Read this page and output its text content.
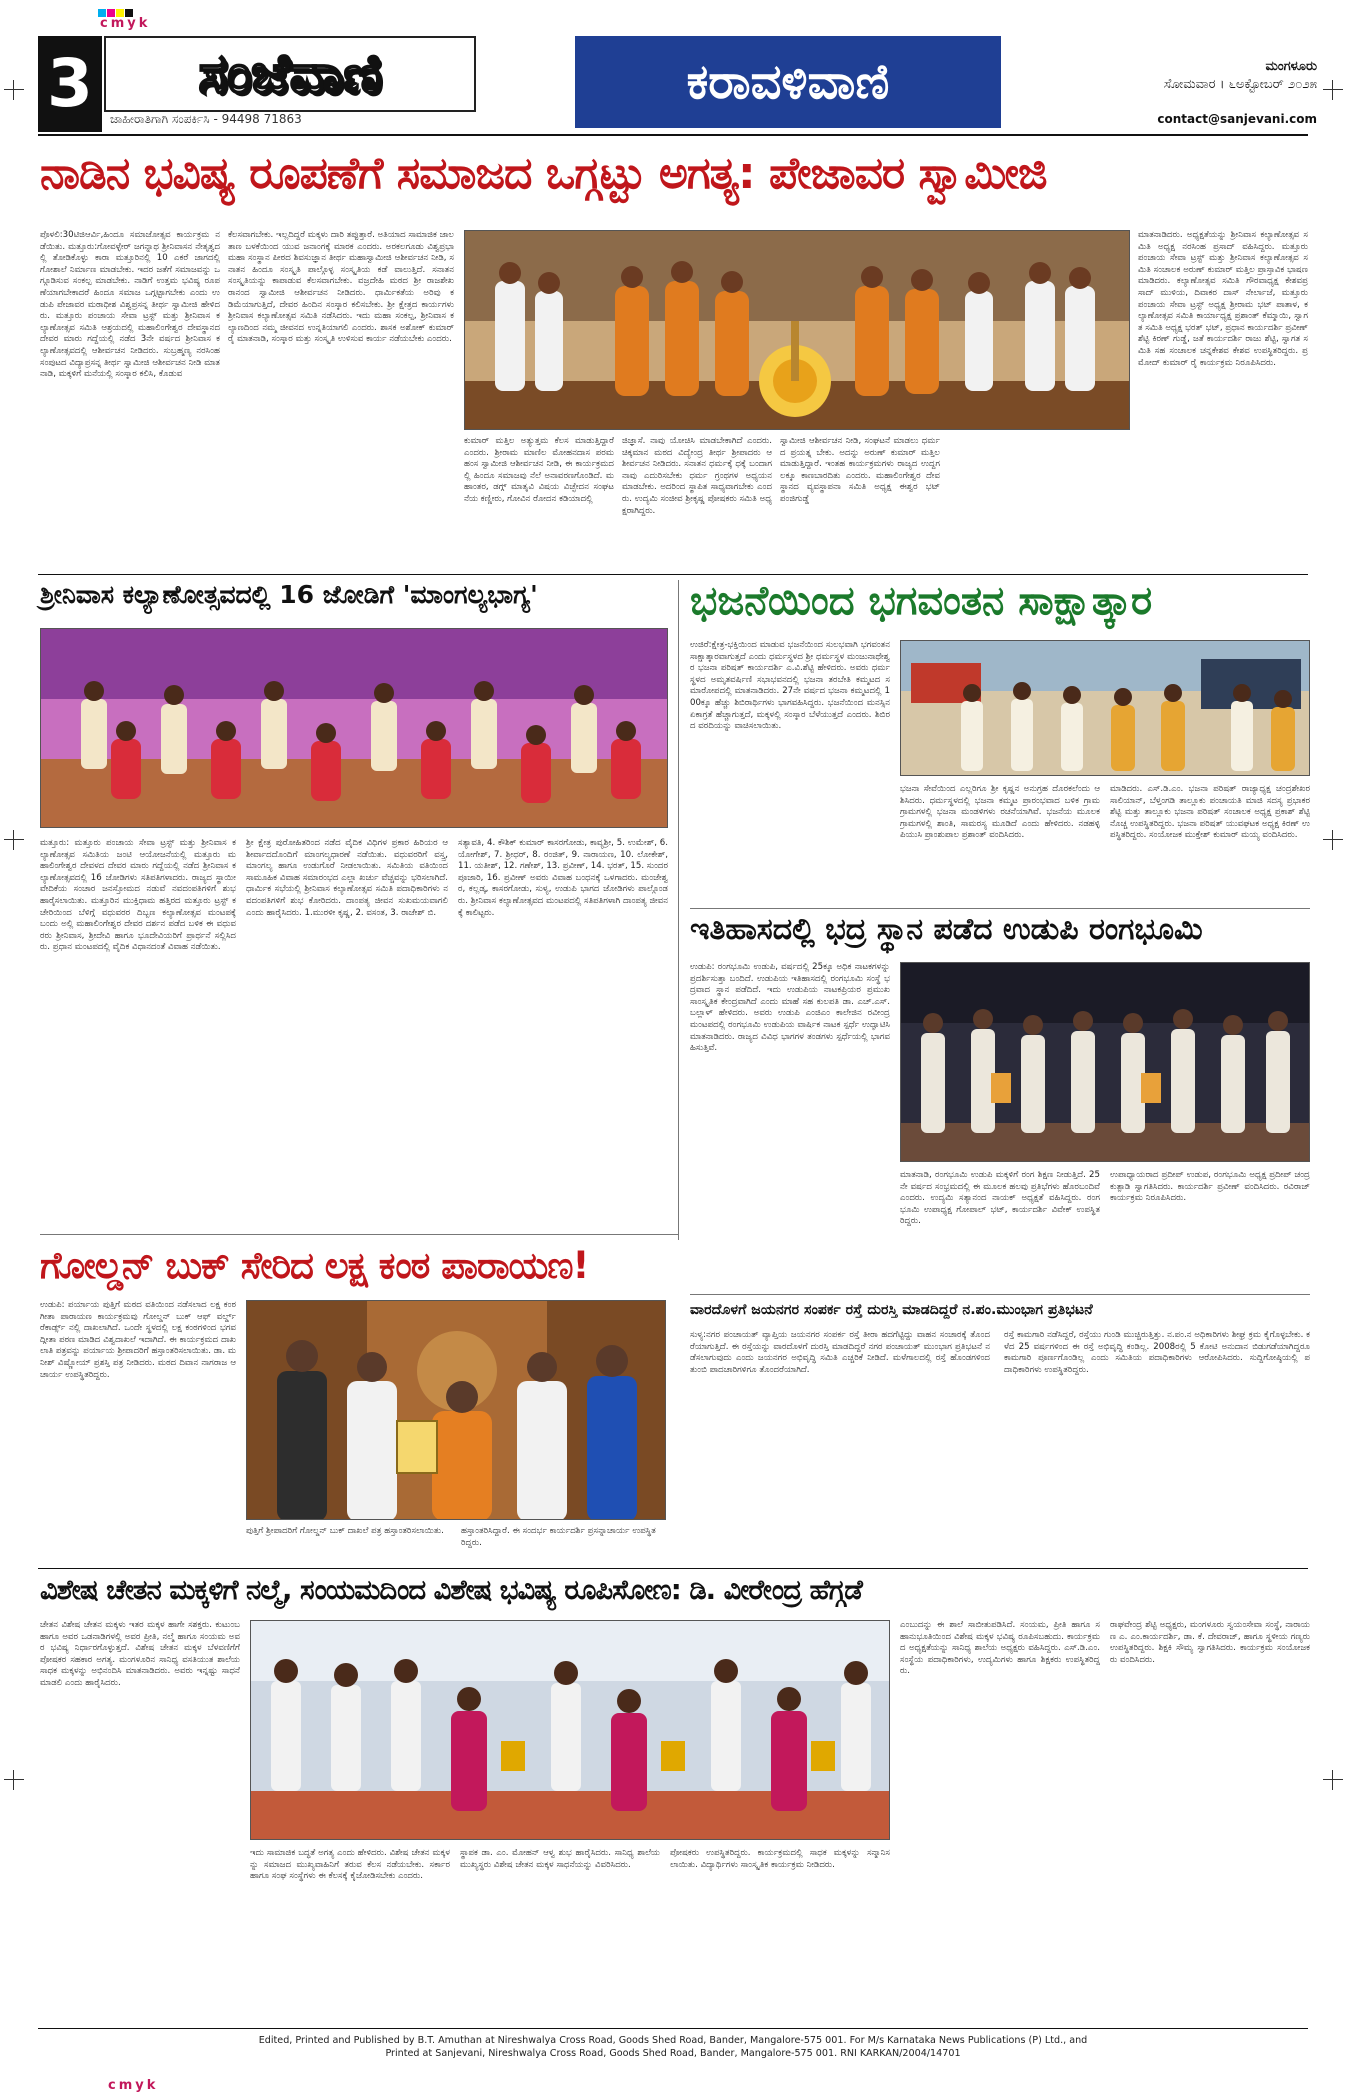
cmyk
3 ಸಂಜೆವಾಣಿ
ಜಾಹೀರಾತಿಗಾಗಿ ಸಂಪರ್ಕಿಸಿ - 94498 71863
ಕರಾವಳಿವಾಣಿ	ಮಂಗಳೂರು
ಸೋಮವಾರ । ೬ಅಕ್ಟೋಬರ್ ೨೦೨೫
contact@sanjevani.com
ನಾಡಿನ ಭವಿಷ್ಯ ರೂಪಣೆಗೆ ಸಮಾಜದ ಒಗ್ಗಟ್ಟು ಅಗತ್ಯ: ಪೇಜಾವರ ಸ್ವಾಮೀಜಿ
ಪೊಳಲಿ:30ಟಿಜಿಆರ್ವಿ,ಹಿಂದೂ ಸಮಾಜೋತ್ಸವ ಕಾರ್ಯಕ್ರಮ ನಡೆಯಿತು. ಮತ್ತೂರು:ಗೋವಳ್ಳೇರ್ ಜಗನ್ನಾಥ ಶ್ರೀನಿವಾಸನ ನೇತೃತ್ವದಲ್ಲಿ ತೋಡಿಕೊಳ್ಳು ಕಾರಾ ಮತ್ತೂರಿನಲ್ಲಿ 10 ಎಕರೆ ಜಾಗದಲ್ಲಿ ಗೋಶಾಲೆ ನಿರ್ಮಾಣ ಮಾಡಬೇಕು. ಇದರ ಜತೆಗೆ ಸಮಾಜವನ್ನು ಒಗ್ಗೂಡಿಸುವ ಸಂಕಲ್ಪ ಮಾಡಬೇಕು. ನಾಡಿಗೆ ಉತ್ತಮ ಭವಿಷ್ಯ ರೂಪಣೆಯಾಗಬೇಕಾದರೆ ಹಿಂದೂ ಸಮಾಜ ಒಗ್ಗಟ್ಟಾಗಬೇಕು ಎಂದು ಉಡುಪಿ ಪೇಜಾವರ ಮಠಾಧೀಶ ವಿಶ್ವಪ್ರಸನ್ನ ತೀರ್ಥ ಸ್ವಾಮೀಜಿ ಹೇಳಿದರು. ಮತ್ತೂರು ಪಂಚಾಯ ಸೇವಾ ಟ್ರಸ್ಟ್ ಮತ್ತು ಶ್ರೀನಿವಾಸ ಕಲ್ಯಾಣೋತ್ಸವ ಸಮಿತಿ ಆಶ್ರಯದಲ್ಲಿ ಮಹಾಲಿಂಗೇಶ್ವರ ದೇವಸ್ಥಾನದ ದೇವರ ಮಾರು ಗದ್ದೆಯಲ್ಲಿ ನಡೆದ 3ನೇ ವರ್ಷದ ಶ್ರೀನಿವಾಸ ಕಲ್ಯಾಣೋತ್ಸವದಲ್ಲಿ ಆಶೀರ್ವಚನ ನೀಡಿದರು. ಸುಬ್ರಹ್ಮಣ್ಯ ನರಸಿಂಹ ಸಂಪುಟದ ವಿದ್ಯಾಪ್ರಸನ್ನ ತೀರ್ಥ ಸ್ವಾಮೀಜಿ ಆಶೀರ್ವಚನ ನೀಡಿ ಮಾತನಾಡಿ, ಮಕ್ಕಳಿಗೆ ಮನೆಯಲ್ಲಿ ಸಂಸ್ಕಾರ ಕಲಿಸಿ, ಕೊಡುವ
ಕೆಲಸವಾಗಬೇಕು. ಇಲ್ಲದಿದ್ದರೆ ಮಕ್ಕಳು ದಾರಿ ತಪ್ಪುತ್ತಾರೆ. ಅತಿಯಾದ ಸಾಮಾಜಿಕ ಜಾಲತಾಣ ಬಳಕೆಯಿಂದ ಯುವ ಜನಾಂಗಕ್ಕೆ ಮಾರಕ ಎಂದರು. ಅರಕಲಗೂಡು ವಿಶ್ವಪ್ರಭಾ ಮಹಾ ಸಂಸ್ಥಾನ ಪೀಠದ ಶಿವಸುಜ್ಞಾನ ತೀರ್ಥ ಮಹಾಸ್ವಾಮೀಜಿ ಆಶೀರ್ವಚನ ನೀಡಿ, ಸನಾತನ ಹಿಂದೂ ಸಂಸ್ಕೃತಿ ಪಾಲ್ಗೊಳ್ಳ ಸಂಸ್ಕೃತಿಯ ಕಡೆ ವಾಲುತ್ತಿದೆ. ಸನಾತನ ಸಂಸ್ಕೃತಿಯನ್ನು ಕಾಪಾಡುವ ಕೆಲಸವಾಗಬೇಕು. ವಜ್ರದೇಹಿ ಮಠದ ಶ್ರೀ ರಾಜಶೇಖರಾನಂದ ಸ್ವಾಮೀಜಿ ಆಶೀರ್ವಚನ ನೀಡಿದರು. ಧಾರ್ಮಿಕತೆಯ ಅರಿವು ಕಡಿಮೆಯಾಗುತ್ತಿದೆ, ದೇವರ ಹಿಂದಿನ ಸಂಸ್ಕಾರ ಕಲಿಸಬೇಕು. ಶ್ರೀ ಕ್ಷೇತ್ರದ ಕಾರ್ಯಗಳು ಶ್ರೀನಿವಾಸ ಕಲ್ಯಾಣೋತ್ಸವ ಸಮಿತಿ ನಡೆಸಿದರು. ಇದು ಮಹಾ ಸಂಕಲ್ಪ, ಶ್ರೀನಿವಾಸ ಕಲ್ಯಾಣದಿಂದ ನಮ್ಮ ಜೀವನದ ಉನ್ನತಿಯಾಗಲಿ ಎಂದರು. ಶಾಸಕ ಅಶೋಕ್ ಕುಮಾರ್ ರೈ ಮಾತನಾಡಿ, ಸಂಸ್ಕಾರ ಮತ್ತು ಸಂಸ್ಕೃತಿ ಉಳಿಸುವ ಕಾರ್ಯ ನಡೆಯಬೇಕು ಎಂದರು.
ಕುಮಾರ್ ಮತ್ತಿಲ ಅತ್ಯುತ್ತಮ ಕೆಲಸ ಮಾಡುತ್ತಿದ್ದಾರೆ ಎಂದರು. ಶ್ರೀರಾಮ ಮಾಣಿಲ ಮೋಹನದಾಸ ಪರಮಹಂಸ ಸ್ವಾಮೀಜಿ ಆಶೀರ್ವಚನ ನೀಡಿ, ಈ ಕಾರ್ಯಕ್ರಮದಲ್ಲಿ ಹಿಂದೂ ಸಮಾಜವು ನೆಲೆ ಅನಾವರಣಗೊಂಡಿದೆ. ಮಹಾಂತರ, ಡಗ್ಗ್ ಮಾತೃವಿ ವಿಷಯ ವಿಚ್ಛೇದನ ಸಂಘಟನೆಯ ಕಣ್ಣೀರು, ಗೋವಿನ ರೋದನ ಕಡಿಯಾದಲ್ಲಿ
ಜಿಜ್ಞಾಸೆ. ನಾವು ಯೋಚಿಸಿ ಮಾಡಬೇಕಾಗಿದೆ ಎಂದರು. ಚಿಕ್ಕಮಾನ ಮಠದ ವಿದ್ಯೇಂದ್ರ ತೀರ್ಥ ಶ್ರೀಪಾದರು ಆಶೀರ್ವಚನ ನೀಡಿದರು. ಸನಾತನ ಧರ್ಮಕ್ಕೆ ಧಕ್ಕೆ ಬಂದಾಗ ನಾವು ಎದುರಿಸಬೇಕು ಧರ್ಮ ಗ್ರಂಥಗಳ ಅಧ್ಯಯನ ಮಾಡಬೇಕು. ಅದರಿಂದ ಸ್ಥಾಪಿತ ಸಾಧ್ಯವಾಗಬೇಕು ಎಂದರು. ಉದ್ಯಮಿ ಸಂಜೀವ ಶ್ರೀಕೃಷ್ಣ ಪೋಷಕರು ಸಮಿತಿ ಅಧ್ಯಕ್ಷರಾಗಿದ್ದರು.
ಸ್ವಾಮೀಜಿ ಆಶೀರ್ವಚನ ನೀಡಿ, ಸಂಘಟನೆ ಮಾಡಲು ಧರ್ಮದ ಪ್ರಯತ್ನ ಬೇಕು. ಅದನ್ನು ಅರುಣ್ ಕುಮಾರ್ ಮತ್ತಿಲ ಮಾಡುತ್ತಿದ್ದಾರೆ. ಇಂತಹ ಕಾರ್ಯಕ್ರಮಗಳು ರಾಜ್ಯದ ಉದ್ದಗಲಕ್ಕೂ ಕಾಣಬಾರದಿತು ಎಂದರು. ಮಹಾಲಿಂಗೇಶ್ವರ ದೇವಸ್ಥಾನದ ವ್ಯವಸ್ಥಾಪನಾ ಸಮಿತಿ ಅಧ್ಯಕ್ಷ ಈಶ್ವರ ಭಟ್ ಪಂಜಿಗುಡ್ಡೆ
ಮಾತನಾಡಿದರು. ಅಧ್ಯಕ್ಷತೆಯನ್ನು ಶ್ರೀನಿವಾಸ ಕಲ್ಯಾಣೋತ್ಸವ ಸಮಿತಿ ಅಧ್ಯಕ್ಷ ನರಸಿಂಹ ಪ್ರಸಾದ್ ವಹಿಸಿದ್ದರು. ಮತ್ತೂರು ಪಂಚಾಯ ಸೇವಾ ಟ್ರಸ್ಟ್ ಮತ್ತು ಶ್ರೀನಿವಾಸ ಕಲ್ಯಾಣೋತ್ಸವ ಸಮಿತಿ ಸಂಚಾಲಕ ಅರುಣ್ ಕುಮಾರ್ ಮತ್ತಿಲ ಪ್ರಾಸ್ತಾವಿಕ ಭಾಷಣ ಮಾಡಿದರು. ಕಲ್ಯಾಣೋತ್ಸವ ಸಮಿತಿ ಗೌರವಾಧ್ಯಕ್ಷ ಕೇಶವಪ್ರಸಾದ್ ಮುಳಿಯ, ದಿವಾಕರ ದಾಸ್ ನೇರ್ಲಾಜೆ, ಮತ್ತೂರು ಪಂಚಾಯ ಸೇವಾ ಟ್ರಸ್ಟ್ ಅಧ್ಯಕ್ಷ ಶ್ರೀರಾಮ ಭಟ್ ಪಾತಾಳ, ಕಲ್ಯಾಣೋತ್ಸವ ಸಮಿತಿ ಕಾರ್ಯಾಧ್ಯಕ್ಷ ಪ್ರಶಾಂತ್ ಕೆಮ್ಮಾಯಿ, ಸ್ವಾಗತ ಸಮಿತಿ ಅಧ್ಯಕ್ಷ ಭರತ್ ಭಟ್, ಪ್ರಧಾನ ಕಾರ್ಯದರ್ಶಿ ಪ್ರವೀಣ್ ಶೆಟ್ಟಿ ಕಿರಣ್ ಗುಡ್ಡೆ, ಜತೆ ಕಾರ್ಯದರ್ಶಿ ರಾಜು ಶೆಟ್ಟಿ, ಸ್ವಾಗತ ಸಮಿತಿ ಸಹ ಸಂಚಾಲಕ ಚನ್ನಕೇಶವ ಕೇಶವ ಉಪಸ್ಥಿತರಿದ್ದರು. ಪ್ರಮೋದ್ ಕುಮಾರ್ ರೈ ಕಾರ್ಯಕ್ರಮ ನಿರೂಪಿಸಿದರು.
ಶ್ರೀನಿವಾಸ ಕಲ್ಯಾಣೋತ್ಸವದಲ್ಲಿ 16 ಜೋಡಿಗೆ 'ಮಾಂಗಲ್ಯಭಾಗ್ಯ'
ಮತ್ತೂರು: ಮತ್ತೂರು ಪಂಚಾಯ ಸೇವಾ ಟ್ರಸ್ಟ್ ಮತ್ತು ಶ್ರೀನಿವಾಸ ಕಲ್ಯಾಣೋತ್ಸವ ಸಮಿತಿಯ ಜಂಟಿ ಆಯೋಜನೆಯಲ್ಲಿ ಮತ್ತೂರು ಮಹಾಲಿಂಗೇಶ್ವರ ದೇವಳದ ದೇವರ ಮಾರು ಗದ್ದೆಯಲ್ಲಿ ನಡೆದ ಶ್ರೀನಿವಾಸ ಕಲ್ಯಾಣೋತ್ಸವದಲ್ಲಿ 16 ಜೋಡಿಗಳು ಸತಿಪತಿಗಳಾದರು. ರಾಜ್ಯದ ಸ್ಥಾಯೀ ವೇದಿಕೆಯ ಸಂಚಾರ ಜನಸ್ತೋಮದ ನಡುವೆ ನವದಂಪತಿಗಳಿಗೆ ಶುಭ ಹಾರೈಸಲಾಯಿತು. ಮತ್ತೂರಿನ ಮುಕ್ತಿಧಾಮ ಹತ್ತಿರದ ಮತ್ತೂರು ಟ್ರಸ್ಟ್ ಕಚೇರಿಯಿಂದ ಬೆಳಿಗ್ಗೆ ವಧುವರರ ದಿಬ್ಬಣ ಕಲ್ಯಾಣೋತ್ಸವ ಮಂಟಪಕ್ಕೆ ಬಂದು ಅಲ್ಲಿ ಮಹಾಲಿಂಗೇಶ್ವರ ದೇವರ ದರ್ಶನ ಪಡೆದ ಬಳಿಕ ಈ ವಧುವರರು ಶ್ರೀನಿವಾಸ, ಶ್ರೀದೇವಿ ಹಾಗೂ ಭೂದೇವಿಯರಿಗೆ ಪ್ರಾರ್ಥನೆ ಸಲ್ಲಿಸಿದರು. ಪ್ರಧಾನ ಮಂಟಪದಲ್ಲಿ ವೈದಿಕ ವಿಧಾನದಂತೆ ವಿವಾಹ ನಡೆಯಿತು.
ಶ್ರೀ ಕ್ಷೇತ್ರ ಪುರೋಹಿತರಿಂದ ನಡೆದ ವೈದಿಕ ವಿಧಿಗಳ ಪ್ರಕಾರ ಹಿರಿಯರ ಆಶೀರ್ವಾದದೊಂದಿಗೆ ಮಾಂಗಲ್ಯಧಾರಣೆ ನಡೆಯಿತು. ವಧುವರರಿಗೆ ವಸ್ತ್ರ, ಮಾಂಗಲ್ಯ ಹಾಗೂ ಉಡುಗೊರೆ ನೀಡಲಾಯಿತು. ಸಮಿತಿಯ ವತಿಯಿಂದ ಸಾಮೂಹಿಕ ವಿವಾಹ ಸಮಾರಂಭದ ಎಲ್ಲಾ ಖರ್ಚು ವೆಚ್ಚವನ್ನು ಭರಿಸಲಾಗಿದೆ. ಧಾರ್ಮಿಕ ಸಭೆಯಲ್ಲಿ ಶ್ರೀನಿವಾಸ ಕಲ್ಯಾಣೋತ್ಸವ ಸಮಿತಿ ಪದಾಧಿಕಾರಿಗಳು ನವದಂಪತಿಗಳಿಗೆ ಶುಭ ಕೋರಿದರು. ದಾಂಪತ್ಯ ಜೀವನ ಸುಖಮಯವಾಗಲಿ ಎಂದು ಹಾರೈಸಿದರು. 1.ಮುರಳೀ ಕೃಷ್ಣ, 2. ವಸಂತ, 3. ರಾಜೇಶ್ ಬಿ.
ಸತ್ಯಾವತಿ, 4. ಕೌಶಿಕ್ ಕುಮಾರ್ ಕಾಸರಗೋಡು, ಕಾವ್ಯಶ್ರೀ, 5. ಉಮೇಶ್, 6. ಯೋಗೇಶ್, 7. ಶ್ರೀಧರ್, 8. ರಂಜಿತ್, 9. ನಾರಾಯಣ, 10. ಲೋಕೇಶ್, 11. ಯತೀಶ್, 12. ಗಣೇಶ್, 13. ಪ್ರವೀಣ್, 14. ಭರತ್, 15. ಸುಂದರ ಪೂಜಾರಿ, 16. ಪ್ರವೀಣ್ ಅವರು ವಿವಾಹ ಬಂಧನಕ್ಕೆ ಒಳಗಾದರು. ಮಂಜೇಶ್ವರ, ಕಲ್ಲಡ್ಕ, ಕಾಸರಗೋಡು, ಸುಳ್ಯ, ಉಡುಪಿ ಭಾಗದ ಜೋಡಿಗಳು ಪಾಲ್ಗೊಂಡರು. ಶ್ರೀನಿವಾಸ ಕಲ್ಯಾಣೋತ್ಸವದ ಮಂಟಪದಲ್ಲಿ ಸತಿಪತಿಗಳಾಗಿ ದಾಂಪತ್ಯ ಜೀವನಕ್ಕೆ ಕಾಲಿಟ್ಟರು.
ಭಜನೆಯಿಂದ ಭಗವಂತನ ಸಾಕ್ಷಾತ್ಕಾರ
ಉಜಿರೆ:ಕ್ಷೇತ್ರ-ಭಕ್ತಿಯಿಂದ ಮಾಡುವ ಭಜನೆಯಿಂದ ಸುಲಭವಾಗಿ ಭಗವಂತನ ಸಾಕ್ಷಾತ್ಕಾರವಾಗುತ್ತದೆ ಎಂದು ಧರ್ಮಸ್ಥಳದ ಶ್ರೀ ಧರ್ಮಸ್ಥಳ ಮಂಜುನಾಥೇಶ್ವರ ಭಜನಾ ಪರಿಷತ್ ಕಾರ್ಯದರ್ಶಿ ಎ.ವಿ.ಶೆಟ್ಟಿ ಹೇಳಿದರು. ಅವರು ಧರ್ಮಸ್ಥಳದ ಅಮೃತವರ್ಷಿಣಿ ಸಭಾಭವನದಲ್ಲಿ ಭಜನಾ ತರಬೇತಿ ಕಮ್ಮಟದ ಸಮಾರೋಪದಲ್ಲಿ ಮಾತನಾಡಿದರು. 27ನೇ ವರ್ಷದ ಭಜನಾ ಕಮ್ಮಟದಲ್ಲಿ 100ಕ್ಕೂ ಹೆಚ್ಚು ಶಿಬಿರಾರ್ಥಿಗಳು ಭಾಗವಹಿಸಿದ್ದರು. ಭಜನೆಯಿಂದ ಮನಸ್ಸಿನ ಏಕಾಗ್ರತೆ ಹೆಚ್ಚಾಗುತ್ತದೆ, ಮಕ್ಕಳಲ್ಲಿ ಸಂಸ್ಕಾರ ಬೆಳೆಯುತ್ತದೆ ಎಂದರು. ಶಿಬಿರದ ವರದಿಯನ್ನು ವಾಚಿಸಲಾಯಿತು.
ಭಜನಾ ಸೇವೆಯಿಂದ ಎಲ್ಲರಿಗೂ ಶ್ರೀ ಕೃಷ್ಣನ ಅನುಗ್ರಹ ದೊರಕಲೆಂದು ಆಶಿಸಿದರು. ಧರ್ಮಸ್ಥಳದಲ್ಲಿ ಭಜನಾ ಕಮ್ಮಟ ಪ್ರಾರಂಭವಾದ ಬಳಿಕ ಗ್ರಾಮ ಗ್ರಾಮಗಳಲ್ಲಿ ಭಜನಾ ಮಂಡಳಿಗಳು ರಚನೆಯಾಗಿವೆ. ಭಜನೆಯ ಮೂಲಕ ಗ್ರಾಮಗಳಲ್ಲಿ ಶಾಂತಿ, ಸಾಮರಸ್ಯ ಮೂಡಿದೆ ಎಂದು ಹೇಳಿದರು. ನಡಹಳ್ಳಿ ಪಿಯುಸಿ ಪ್ರಾಂಶುಪಾಲ ಪ್ರಶಾಂತ್ ವಂದಿಸಿದರು.
ಮಾಡಿದರು. ಎಸ್.ಡಿ.ಎಂ. ಭಜನಾ ಪರಿಷತ್ ರಾಜ್ಯಾಧ್ಯಕ್ಷ ಚಂದ್ರಶೇಖರ ಸಾಲಿಯಾನ್, ಬೆಳ್ತಂಗಡಿ ತಾಲ್ಲೂಕು ಪಂಚಾಯತಿ ಮಾಜಿ ಸದಸ್ಯ ಪ್ರಭಾಕರ ಶೆಟ್ಟಿ ಮತ್ತು ತಾಲ್ಲೂಕು ಭಜನಾ ಪರಿಷತ್ ಸಂಚಾಲಕ ಅಧ್ಯಕ್ಷ ಪ್ರಕಾಶ್ ಶೆಟ್ಟಿ ನೊಚ್ಚ ಉಪಸ್ಥಿತರಿದ್ದರು. ಭಜನಾ ಪರಿಷತ್ ಯುವಘಟಕ ಅಧ್ಯಕ್ಷ ಕಿರಣ್ ಉಪಸ್ಥಿತರಿದ್ದರು. ಸಂಯೋಜಕ ಮುಕ್ತೇಶ್ ಕುಮಾರ್ ಮಯ್ಯ ವಂದಿಸಿದರು.
ಇತಿಹಾಸದಲ್ಲಿ ಭದ್ರ ಸ್ಥಾನ ಪಡೆದ ಉಡುಪಿ ರಂಗಭೂಮಿ
ಉಡುಪಿ: ರಂಗಭೂಮಿ ಉಡುಪಿ, ವರ್ಷದಲ್ಲಿ 25ಕ್ಕೂ ಅಧಿಕ ನಾಟಕಗಳನ್ನು ಪ್ರದರ್ಶಿಸುತ್ತಾ ಬಂದಿದೆ. ಉಡುಪಿಯ ಇತಿಹಾಸದಲ್ಲಿ ರಂಗಭೂಮಿ ಸಂಸ್ಥೆ ಭದ್ರವಾದ ಸ್ಥಾನ ಪಡೆದಿದೆ. ಇದು ಉಡುಪಿಯ ನಾಟಕಪ್ರಿಯರ ಪ್ರಮುಖ ಸಾಂಸ್ಕೃತಿಕ ಕೇಂದ್ರವಾಗಿದೆ ಎಂದು ಮಾಹೆ ಸಹ ಕುಲಪತಿ ಡಾ. ಎಚ್.ಎಸ್. ಬಲ್ಲಾಳ್ ಹೇಳಿದರು. ಅವರು ಉಡುಪಿ ಎಂಜಿಎಂ ಕಾಲೇಜಿನ ರವೀಂದ್ರ ಮಂಟಪದಲ್ಲಿ ರಂಗಭೂಮಿ ಉಡುಪಿಯ ವಾರ್ಷಿಕ ನಾಟಕ ಸ್ಪರ್ಧೆ ಉದ್ಘಾಟಿಸಿ ಮಾತನಾಡಿದರು. ರಾಜ್ಯದ ವಿವಿಧ ಭಾಗಗಳ ತಂಡಗಳು ಸ್ಪರ್ಧೆಯಲ್ಲಿ ಭಾಗವಹಿಸುತ್ತಿವೆ.
ಮಾತನಾಡಿ, ರಂಗಭೂಮಿ ಉಡುಪಿ ಮಕ್ಕಳಿಗೆ ರಂಗ ಶಿಕ್ಷಣ ನೀಡುತ್ತಿದೆ. 25ನೇ ವರ್ಷದ ಸಂಭ್ರಮದಲ್ಲಿ ಈ ಮೂಲಕ ಹಲವು ಪ್ರತಿಭೆಗಳು ಹೊರಬಂದಿವೆ ಎಂದರು. ಉದ್ಯಮಿ ಸತ್ಯಾನಂದ ನಾಯಕ್ ಅಧ್ಯಕ್ಷತೆ ವಹಿಸಿದ್ದರು. ರಂಗಭೂಮಿ ಉಪಾಧ್ಯಕ್ಷ ಗೋಪಾಲ್ ಭಟ್, ಕಾರ್ಯದರ್ಶಿ ವಿವೇಕ್ ಉಪಸ್ಥಿತರಿದ್ದರು.
ಉಪಾಧ್ಯಾಯರಾದ ಪ್ರದೀಪ್ ಉಡುಪ, ರಂಗಭೂಮಿ ಅಧ್ಯಕ್ಷ ಪ್ರದೀಪ್ ಚಂದ್ರ ಕುತ್ಪಾಡಿ ಸ್ವಾಗತಿಸಿದರು. ಕಾರ್ಯದರ್ಶಿ ಪ್ರವೀಣ್ ವಂದಿಸಿದರು. ರವಿರಾಜ್ ಕಾರ್ಯಕ್ರಮ ನಿರೂಪಿಸಿದರು.
ಗೋಲ್ಡನ್ ಬುಕ್ ಸೇರಿದ ಲಕ್ಷ ಕಂಠ ಪಾರಾಯಣ!
ಉಡುಪಿ: ಪರ್ಯಾಯ ಪುತ್ತಿಗೆ ಮಠದ ವತಿಯಿಂದ ನಡೆಸಲಾದ ಲಕ್ಷ ಕಂಠ ಗೀತಾ ಪಾರಾಯಣ ಕಾರ್ಯಕ್ರಮವು ಗೋಲ್ಡನ್ ಬುಕ್ ಆಫ್ ವರ್ಲ್ಡ್ ರೆಕಾರ್ಡ್ಸ್ ನಲ್ಲಿ ದಾಖಲಾಗಿದೆ. ಒಂದೇ ಸ್ಥಳದಲ್ಲಿ ಲಕ್ಷ ಕಂಠಗಳಿಂದ ಭಗವದ್ಗೀತಾ ಪಠಣ ಮಾಡಿದ ವಿಶ್ವದಾಖಲೆ ಇದಾಗಿದೆ. ಈ ಕಾರ್ಯಕ್ರಮದ ದಾಖಲಾತಿ ಪತ್ರವನ್ನು ಪರ್ಯಾಯ ಶ್ರೀಪಾದರಿಗೆ ಹಸ್ತಾಂತರಿಸಲಾಯಿತು. ಡಾ. ಮನೀಶ್ ವಿಷ್ಣೋಯ್ ಪ್ರಶಸ್ತಿ ಪತ್ರ ನೀಡಿದರು. ಮಠದ ದಿವಾನ ನಾಗರಾಜ ಆಚಾರ್ಯ ಉಪಸ್ಥಿತರಿದ್ದರು.
ಪುತ್ತಿಗೆ ಶ್ರೀಪಾದರಿಗೆ ಗೋಲ್ಡನ್ ಬುಕ್ ದಾಖಲೆ ಪತ್ರ ಹಸ್ತಾಂತರಿಸಲಾಯಿತು.	ಹಸ್ತಾಂತರಿಸಿದ್ದಾರೆ. ಈ ಸಂದರ್ಭ ಕಾರ್ಯದರ್ಶಿ ಪ್ರಸನ್ನಾಚಾರ್ಯ ಉಪಸ್ಥಿತರಿದ್ದರು.
ವಾರದೊಳಗೆ ಜಯನಗರ ಸಂಪರ್ಕ ರಸ್ತೆ ದುರಸ್ತಿ ಮಾಡದಿದ್ದರೆ ನ.ಪಂ.ಮುಂಭಾಗ ಪ್ರತಿಭಟನೆ
ಸುಳ್ಯ:ನಗರ ಪಂಚಾಯತ್ ವ್ಯಾಪ್ತಿಯ ಜಯನಗರ ಸಂಪರ್ಕ ರಸ್ತೆ ತೀರಾ ಹದಗೆಟ್ಟಿದ್ದು ವಾಹನ ಸಂಚಾರಕ್ಕೆ ತೊಂದರೆಯಾಗುತ್ತಿದೆ. ಈ ರಸ್ತೆಯನ್ನು ವಾರದೊಳಗೆ ದುರಸ್ತಿ ಮಾಡದಿದ್ದರೆ ನಗರ ಪಂಚಾಯತ್ ಮುಂಭಾಗ ಪ್ರತಿಭಟನೆ ನಡೆಸಲಾಗುವುದು ಎಂದು ಜಯನಗರ ಅಭಿವೃದ್ಧಿ ಸಮಿತಿ ಎಚ್ಚರಿಕೆ ನೀಡಿದೆ. ಮಳೆಗಾಲದಲ್ಲಿ ರಸ್ತೆ ಹೊಂಡಗಳಿಂದ ತುಂಬಿ ಪಾದಚಾರಿಗಳಿಗೂ ತೊಂದರೆಯಾಗಿದೆ.
ರಸ್ತೆ ಕಾಮಗಾರಿ ನಡೆಸಿದ್ದರೆ, ರಸ್ತೆಯು ಗುಂಡಿ ಮುಚ್ಚಿರುತ್ತಿತ್ತು. ನ.ಪಂ.ನ ಅಧಿಕಾರಿಗಳು ಶೀಘ್ರ ಕ್ರಮ ಕೈಗೊಳ್ಳಬೇಕು. ಕಳೆದ 25 ವರ್ಷಗಳಿಂದ ಈ ರಸ್ತೆ ಅಭಿವೃದ್ಧಿ ಕಂಡಿಲ್ಲ. 2008ರಲ್ಲಿ 5 ಕೋಟಿ ಅನುದಾನ ಬಿಡುಗಡೆಯಾಗಿದ್ದರೂ ಕಾಮಗಾರಿ ಪೂರ್ಣಗೊಂಡಿಲ್ಲ ಎಂದು ಸಮಿತಿಯ ಪದಾಧಿಕಾರಿಗಳು ಆರೋಪಿಸಿದರು. ಸುದ್ದಿಗೋಷ್ಠಿಯಲ್ಲಿ ಪದಾಧಿಕಾರಿಗಳು ಉಪಸ್ಥಿತರಿದ್ದರು.
ವಿಶೇಷ ಚೇತನ ಮಕ್ಕಳಿಗೆ ನಲ್ಮೆ, ಸಂಯಮದಿಂದ ವಿಶೇಷ ಭವಿಷ್ಯ ರೂಪಿಸೋಣ: ಡಿ. ವೀರೇಂದ್ರ ಹೆಗ್ಗಡೆ
ಚೇತನ ವಿಶೇಷ ಚೇತನ ಮಕ್ಕಳು ಇತರ ಮಕ್ಕಳ ಹಾಗೇ ಸಶಕ್ತರು. ಕುಟುಂಬ ಹಾಗೂ ಅವರ ಒಡನಾಡಿಗಳಲ್ಲಿ ಅವರ ಪ್ರೀತಿ, ನಲ್ಮೆ ಹಾಗೂ ಸಂಯಮ ಅವರ ಭವಿಷ್ಯ ನಿರ್ಧಾರಗೊಳ್ಳುತ್ತದೆ. ವಿಶೇಷ ಚೇತನ ಮಕ್ಕಳ ಬೆಳವಣಿಗೆಗೆ ಪೋಷಕರ ಸಹಕಾರ ಅಗತ್ಯ. ಮಂಗಳೂರಿನ ಸಾನಿಧ್ಯ ವಸತಿಯುತ ಶಾಲೆಯ ಸಾಧಕ ಮಕ್ಕಳನ್ನು ಅಭಿನಂದಿಸಿ ಮಾತನಾಡಿದರು. ಅವರು ಇನ್ನಷ್ಟು ಸಾಧನೆ ಮಾಡಲಿ ಎಂದು ಹಾರೈಸಿದರು.
ಇದು ಸಾಮಾಜಿಕ ಬದ್ಧತೆ ಅಗತ್ಯ ಎಂದು ಹೇಳಿದರು. ವಿಶೇಷ ಚೇತನ ಮಕ್ಕಳನ್ನು ಸಮಾಜದ ಮುಖ್ಯವಾಹಿನಿಗೆ ತರುವ ಕೆಲಸ ನಡೆಯಬೇಕು. ಸರ್ಕಾರ ಹಾಗೂ ಸಂಘ ಸಂಸ್ಥೆಗಳು ಈ ಕೆಲಸಕ್ಕೆ ಕೈಜೋಡಿಸಬೇಕು ಎಂದರು.
ಸ್ಥಾಪಕ ಡಾ. ಎಂ. ಮೋಹನ್ ಆಳ್ವ ಶುಭ ಹಾರೈಸಿದರು. ಸಾನಿಧ್ಯ ಶಾಲೆಯ ಮುಖ್ಯಸ್ಥರು ವಿಶೇಷ ಚೇತನ ಮಕ್ಕಳ ಸಾಧನೆಯನ್ನು ವಿವರಿಸಿದರು.
ಪೋಷಕರು ಉಪಸ್ಥಿತರಿದ್ದರು. ಕಾರ್ಯಕ್ರಮದಲ್ಲಿ ಸಾಧಕ ಮಕ್ಕಳನ್ನು ಸನ್ಮಾನಿಸಲಾಯಿತು. ವಿದ್ಯಾರ್ಥಿಗಳು ಸಾಂಸ್ಕೃತಿಕ ಕಾರ್ಯಕ್ರಮ ನೀಡಿದರು.
ಎಂಬುದನ್ನು ಈ ಶಾಲೆ ಸಾಬೀತುಪಡಿಸಿದೆ. ಸಂಯಮ, ಪ್ರೀತಿ ಹಾಗೂ ಸಹಾನುಭೂತಿಯಿಂದ ವಿಶೇಷ ಮಕ್ಕಳ ಭವಿಷ್ಯ ರೂಪಿಸಬಹುದು. ಕಾರ್ಯಕ್ರಮದ ಅಧ್ಯಕ್ಷತೆಯನ್ನು ಸಾನಿಧ್ಯ ಶಾಲೆಯ ಅಧ್ಯಕ್ಷರು ವಹಿಸಿದ್ದರು. ಎಸ್.ಡಿ.ಎಂ. ಸಂಸ್ಥೆಯ ಪದಾಧಿಕಾರಿಗಳು, ಉದ್ಯಮಿಗಳು ಹಾಗೂ ಶಿಕ್ಷಕರು ಉಪಸ್ಥಿತರಿದ್ದರು.
ರಾಘವೇಂದ್ರ ಶೆಟ್ಟಿ ಅಧ್ಯಕ್ಷರು, ಮಂಗಳೂರು ಸ್ವಯಂಸೇವಾ ಸಂಸ್ಥೆ, ನಾರಾಯಣ ಎ. ಎಂ.ಕಾರ್ಯದರ್ಶಿ, ಡಾ. ಕೆ. ದೇವರಾಜ್, ಹಾಗೂ ಸ್ಥಳೀಯ ಗಣ್ಯರು ಉಪಸ್ಥಿತರಿದ್ದರು. ಶಿಕ್ಷಕಿ ಸೌಮ್ಯ ಸ್ವಾಗತಿಸಿದರು. ಕಾರ್ಯಕ್ರಮ ಸಂಯೋಜಕರು ವಂದಿಸಿದರು.
Edited, Printed and Published by B.T. Amuthan at Nireshwalya Cross Road, Goods Shed Road, Bander, Mangalore-575 001. For M/s Karnataka News Publications (P) Ltd., and
Printed at Sanjevani, Nireshwalya Cross Road, Goods Shed Road, Bander, Mangalore-575 001. RNI KARKAN/2004/14701
cmyk
